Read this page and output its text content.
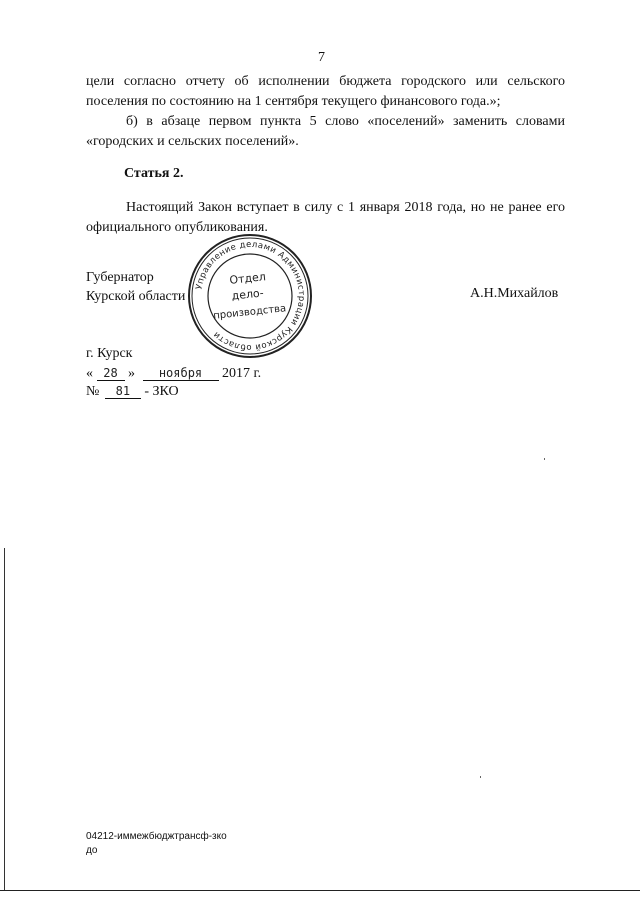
7

цели согласно отчету об исполнении бюджета городского или сельского поселения по состоянию на 1 сентября текущего финансового года.»;

б) в абзаце первом пункта 5 слово «поселений» заменить словами «городских и сельских поселений».

Статья 2.

Настоящий Закон вступает в силу с 1 января 2018 года, но не ранее его официального опубликования.

Губернатор
Курской области
Управление делами Администрации Курской области
Отдел
дело-
производства
А.Н.Михайлов
г. Курск
« 28 » ноября 2017 г.
№ 81 - ЗКО
04212-иммежбюджтрансф-зко
до
